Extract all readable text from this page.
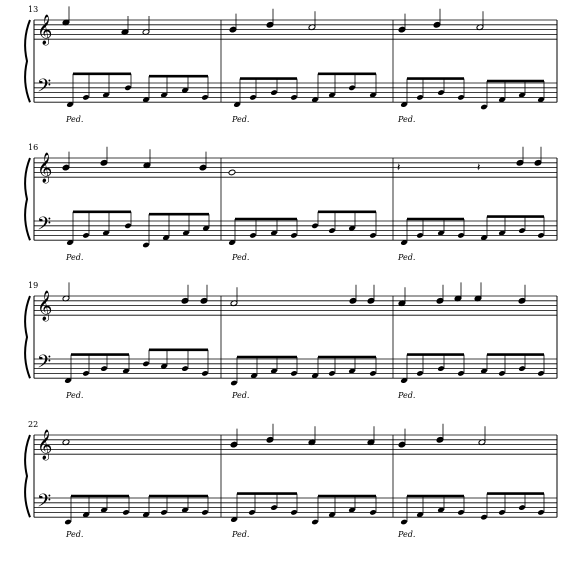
13
𝄞
𝄢
Ped.	Ped.	Ped.
16
𝄞
𝄢
𝄽	𝄽
Ped.	Ped.	Ped.
19
𝄞
𝄢
Ped.	Ped.	Ped.
22
𝄞
𝄢
Ped.	Ped.	Ped.
